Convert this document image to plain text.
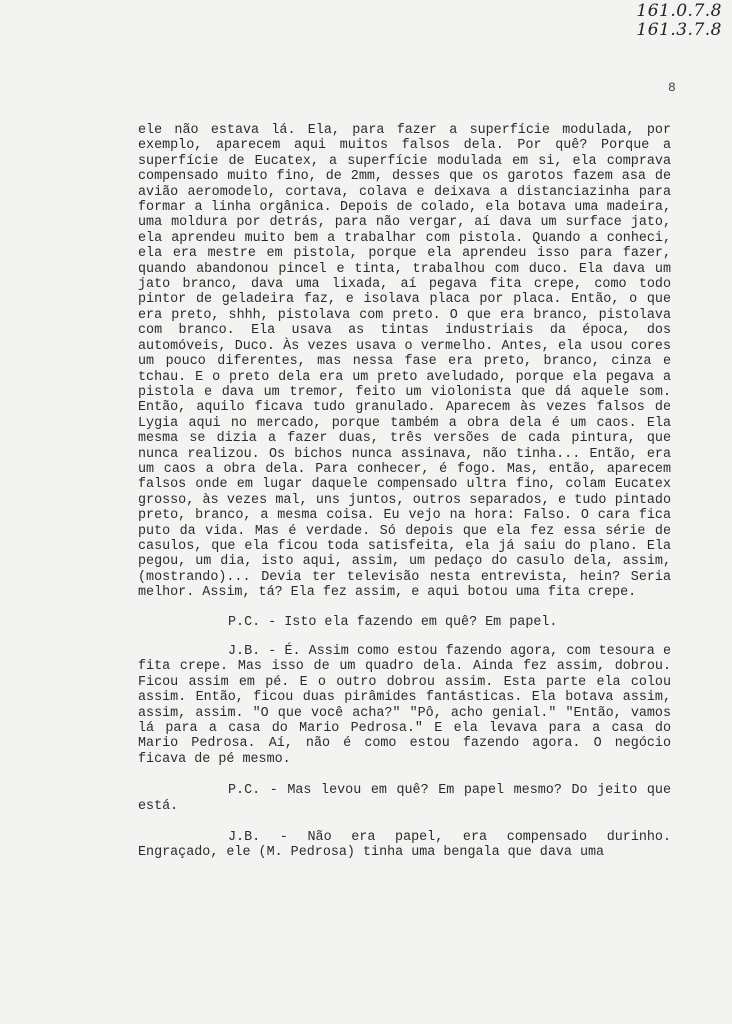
161.0.7.8
161.3.7.8
8

ele não estava lá. Ela, para fazer a superfície modulada, por exemplo, aparecem aqui muitos falsos dela. Por quê? Porque a superfície de Eucatex, a superfície modulada em si, ela comprava compensado muito fino, de 2mm, desses que os garotos fazem asa de avião aeromodelo, cortava, colava e deixava a distanciazinha para formar a linha orgânica. Depois de colado, ela botava uma madeira, uma moldura por detrás, para não vergar, aí dava um surface jato, ela aprendeu muito bem a trabalhar com pistola. Quando a conheci, ela era mestre em pistola, porque ela aprendeu isso para fazer, quando abandonou pincel e tinta, trabalhou com duco. Ela dava um jato branco, dava uma lixada, aí pegava fita crepe, como todo pintor de geladeira faz, e isolava placa por placa. Então, o que era preto, shhh, pistolava com preto. O que era branco, pistolava com branco. Ela usava as tintas industriais da época, dos automóveis, Duco. Às vezes usava o vermelho. Antes, ela usou cores um pouco diferentes, mas nessa fase era preto, branco, cinza e tchau. E o preto dela era um preto aveludado, porque ela pegava a pistola e dava um tremor, feito um violonista que dá aquele som. Então, aquilo ficava tudo granulado. Aparecem às vezes falsos de Lygia aqui no mercado, porque também a obra dela é um caos. Ela mesma se dizia a fazer duas, três versões de cada pintura, que nunca realizou. Os bichos nunca assinava, não tinha... Então, era um caos a obra dela. Para conhecer, é fogo. Mas, então, aparecem falsos onde em lugar daquele compensado ultra fino, colam Eucatex grosso, às vezes mal, uns juntos, outros separados, e tudo pintado preto, branco, a mesma coisa. Eu vejo na hora: Falso. O cara fica puto da vida. Mas é verdade. Só depois que ela fez essa série de casulos, que ela ficou toda satisfeita, ela já saiu do plano. Ela pegou, um dia, isto aqui, assim, um pedaço do casulo dela, assim, (mostrando)... Devia ter televisão nesta entrevista, hein? Seria melhor. Assim, tá? Ela fez assim, e aqui botou uma fita crepe.

P.C. - Isto ela fazendo em quê? Em papel.

J.B. - É. Assim como estou fazendo agora, com tesoura e fita crepe. Mas isso de um quadro dela. Ainda fez assim, dobrou. Ficou assim em pé. E o outro dobrou assim. Esta parte ela colou assim. Então, ficou duas pirâmides fantásticas. Ela botava assim, assim, assim. "O que você acha?" "Pô, acho genial." "Então, vamos lá para a casa do Mario Pedrosa." E ela levava para a casa do Mario Pedrosa. Aí, não é como estou fazendo agora. O negócio ficava de pé mesmo.

P.C. - Mas levou em quê? Em papel mesmo? Do jeito que está.

J.B. - Não era papel, era compensado durinho. Engraçado, ele (M. Pedrosa) tinha uma bengala que dava uma
